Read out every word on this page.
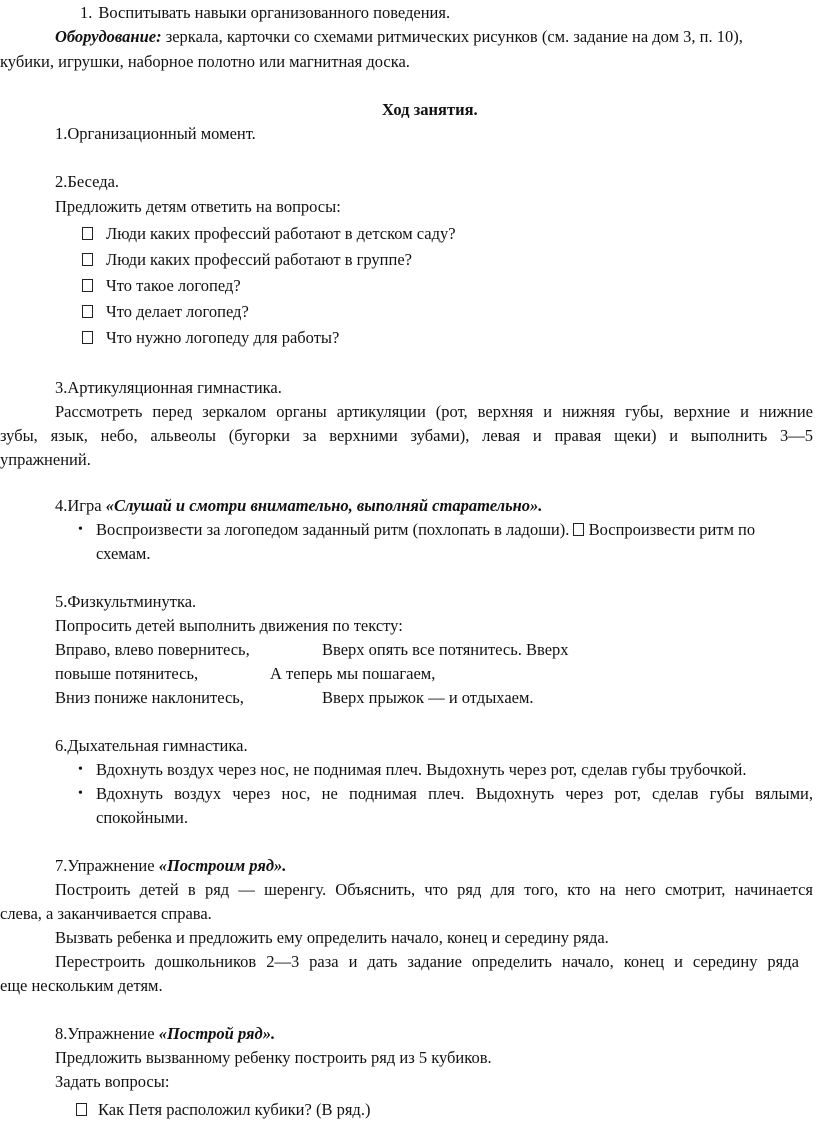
1. Воспитывать навыки организованного поведения.
Оборудование: зеркала, карточки со схемами ритмических рисунков (см. задание на дом 3, п. 10),
кубики, игрушки, наборное полотно или магнитная доска.
Ход занятия.
1.Организационный момент.
2.Беседа.
Предложить детям ответить на вопросы:
Люди каких профессий работают в детском саду?
Люди каких профессий работают в группе?
Что такое логопед?
Что делает логопед?
Что нужно логопеду для работы?
3.Артикуляционная гимнастика.
Рассмотреть перед зеркалом органы артикуляции (рот, верхняя и нижняя губы, верхние и нижние
зубы, язык, небо, альвеолы (бугорки за верхними зубами), левая и правая щеки) и выполнить 3—5
упражнений.
4.Игра «Слушай и смотри внимательно, выполняй старательно».
• Воспроизвести за логопедом заданный ритм (похлопать в ладоши). Воспроизвести ритм по
схемам.
5.Физкультминутка.
Попросить детей выполнить движения по тексту:
Вправо, влево повернитесь,	Вверх опять все потянитесь. Вверх
повыше потянитесь,	А теперь мы пошагаем,
Вниз пониже наклонитесь,	Вверх прыжок — и отдыхаем.
6.Дыхательная гимнастика.
• Вдохнуть воздух через нос, не поднимая плеч. Выдохнуть через рот, сделав губы трубочкой.
• Вдохнуть воздух через нос, не поднимая плеч. Выдохнуть через рот, сделав губы вялыми,
спокойными.
7.Упражнение «Построим ряд».
Построить детей в ряд — шеренгу. Объяснить, что ряд для того, кто на него смотрит, начинается
слева, а заканчивается справа.
Вызвать ребенка и предложить ему определить начало, конец и середину ряда.
Перестроить дошкольников 2—3 раза и дать задание определить начало, конец и середину ряда
еще нескольким детям.
8.Упражнение «Построй ряд».
Предложить вызванному ребенку построить ряд из 5 кубиков.
Задать вопросы:
Как Петя расположил кубики? (В ряд.)
